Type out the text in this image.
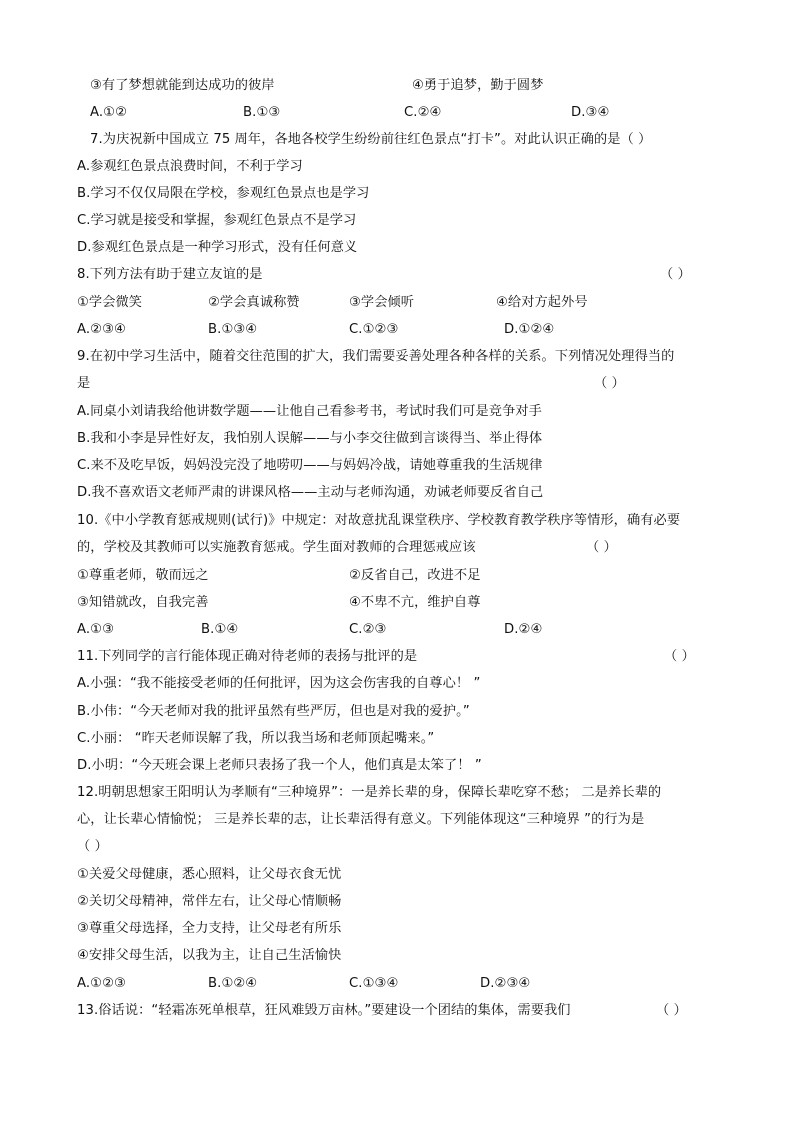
③有了梦想就能到达成功的彼岸	④勇于追梦，勤于圆梦
A.①②	B.①③	C.②④	D.③④
7.为庆祝新中国成立 75 周年，各地各校学生纷纷前往红色景点“打卡”。对此认识正确的是（ ）
A.参观红色景点浪费时间，不利于学习
B.学习不仅仅局限在学校，参观红色景点也是学习
C.学习就是接受和掌握，参观红色景点不是学习
D.参观红色景点是一种学习形式，没有任何意义
8.下列方法有助于建立友谊的是	（ ）
①学会微笑	②学会真诚称赞	③学会倾听	④给对方起外号
A.②③④	B.①③④	C.①②③	D.①②④
9.在初中学习生活中，随着交往范围的扩大，我们需要妥善处理各种各样的关系。下列情况处理得当的
是	（ ）
A.同桌小刘请我给他讲数学题——让他自己看参考书，考试时我们可是竞争对手
B.我和小李是异性好友，我怕别人误解——与小李交往做到言谈得当、举止得体
C.来不及吃早饭，妈妈没完没了地唠叨——与妈妈冷战，请她尊重我的生活规律
D.我不喜欢语文老师严肃的讲课风格——主动与老师沟通，劝诫老师要反省自己
10.《中小学教育惩戒规则(试行)》中规定：对故意扰乱课堂秩序、学校教育教学秩序等情形，确有必要
的，学校及其教师可以实施教育惩戒。学生面对教师的合理惩戒应该	（ ）
①尊重老师，敬而远之	②反省自己，改进不足
③知错就改，自我完善	④不卑不亢，维护自尊
A.①③	B.①④	C.②③	D.②④
11.下列同学的言行能体现正确对待老师的表扬与批评的是	（ ）
A.小强：“我不能接受老师的任何批评，因为这会伤害我的自尊心！ ”
B.小伟：“今天老师对我的批评虽然有些严厉，但也是对我的爱护。”
C.小丽： “昨天老师误解了我，所以我当场和老师顶起嘴来。”
D.小明：“今天班会课上老师只表扬了我一个人，他们真是太笨了！ ”
12.明朝思想家王阳明认为孝顺有“三种境界”：一是养长辈的身，保障长辈吃穿不愁； 二是养长辈的
心，让长辈心情愉悦； 三是养长辈的志，让长辈活得有意义。下列能体现这“三种境界 ”的行为是
（ ）
①关爱父母健康，悉心照料，让父母衣食无忧
②关切父母精神，常伴左右，让父母心情顺畅
③尊重父母选择，全力支持，让父母老有所乐
④安排父母生活，以我为主，让自己生活愉快
A.①②③	B.①②④	C.①③④	D.②③④
13.俗话说：“轻霜冻死单根草，狂风难毁万亩林。”要建设一个团结的集体，需要我们	（ ）
